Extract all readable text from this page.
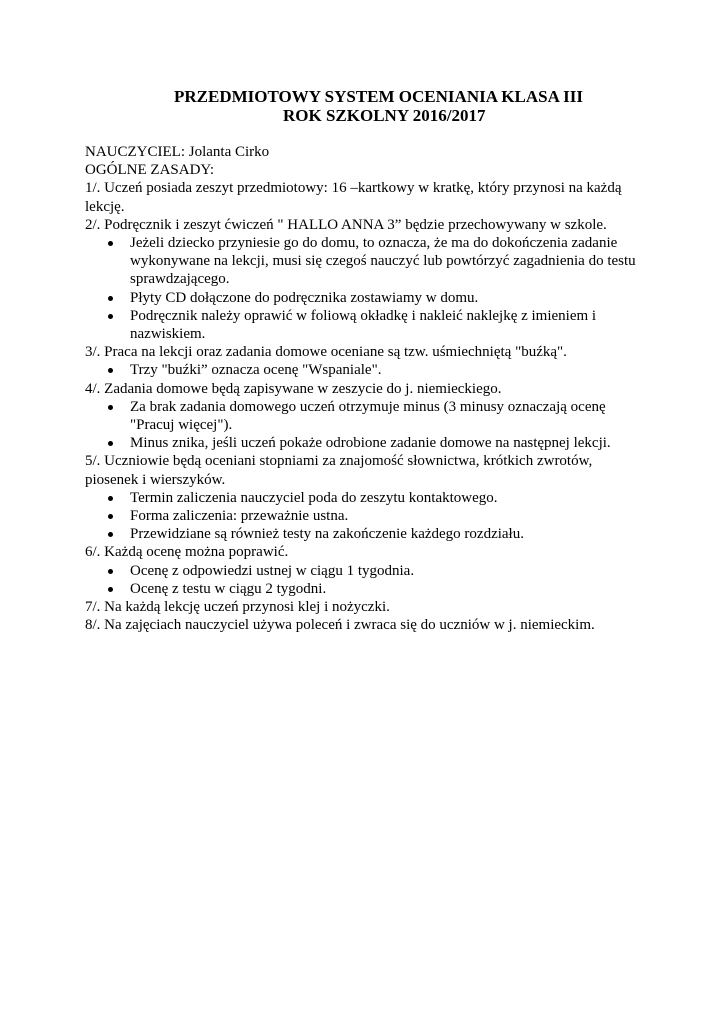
PRZEDMIOTOWY SYSTEM OCENIANIA KLASA III
ROK SZKOLNY 2016/2017
NAUCZYCIEL: Jolanta Cirko
OGÓLNE ZASADY:
1/. Uczeń posiada zeszyt przedmiotowy: 16 –kartkowy w kratkę, który przynosi na każdą lekcję.
2/. Podręcznik i zeszyt ćwiczeń " HALLO ANNA 3” będzie przechowywany w szkole.
Jeżeli dziecko przyniesie go do domu, to oznacza, że ma do dokończenia zadanie wykonywane na lekcji, musi się czegoś nauczyć lub powtórzyć zagadnienia do testu sprawdzającego.
Płyty CD dołączone do podręcznika zostawiamy w domu.
Podręcznik należy oprawić w foliową okładkę i nakleić naklejkę z imieniem i nazwiskiem.
3/. Praca na lekcji oraz zadania domowe oceniane są tzw. uśmiechniętą "buźką".
Trzy "buźki” oznacza ocenę "Wspaniale".
4/. Zadania domowe będą zapisywane w zeszycie do j. niemieckiego.
Za brak zadania domowego uczeń otrzymuje minus (3 minusy oznaczają ocenę "Pracuj więcej").
Minus znika, jeśli uczeń pokaże odrobione zadanie domowe na następnej lekcji.
5/. Uczniowie będą oceniani stopniami za znajomość słownictwa, krótkich zwrotów, piosenek i wierszyków.
Termin zaliczenia nauczyciel poda do zeszytu kontaktowego.
Forma zaliczenia: przeważnie ustna.
Przewidziane są również testy na zakończenie każdego rozdziału.
6/. Każdą ocenę można poprawić.
Ocenę z odpowiedzi ustnej w ciągu 1 tygodnia.
Ocenę z testu w ciągu 2 tygodni.
7/. Na każdą lekcję uczeń przynosi klej i nożyczki.
8/. Na zajęciach nauczyciel używa poleceń i zwraca się do uczniów w j. niemieckim.
